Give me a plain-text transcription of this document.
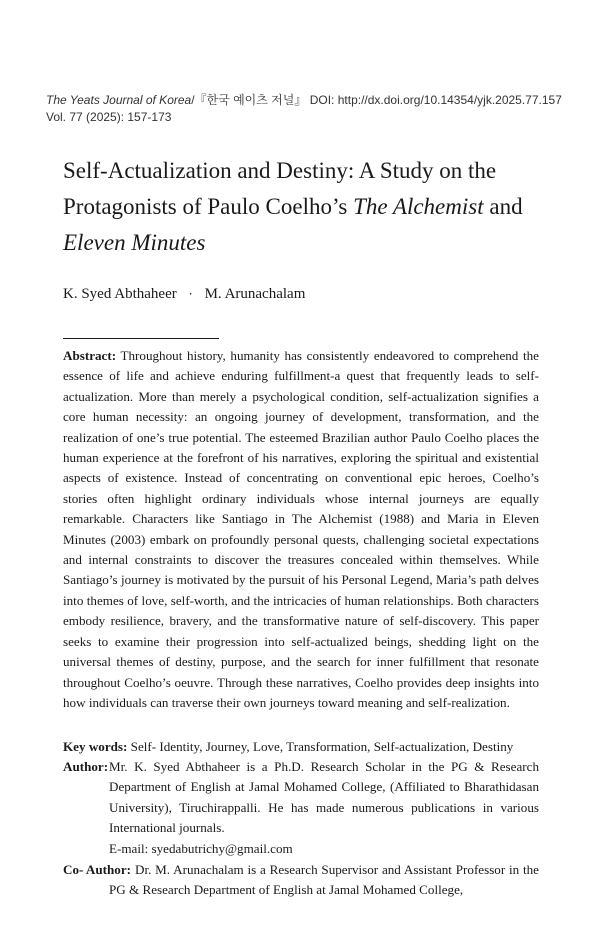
The Yeats Journal of Korea/『한국 예이츠 저널』 DOI: http://dx.doi.org/10.14354/yjk.2025.77.157
Vol. 77 (2025): 157-173
Self-Actualization and Destiny: A Study on the Protagonists of Paulo Coelho’s The Alchemist and Eleven Minutes
K. Syed Abthaheer · M. Arunachalam
Abstract: Throughout history, humanity has consistently endeavored to comprehend the essence of life and achieve enduring fulfillment-a quest that frequently leads to self-actualization. More than merely a psychological condition, self-actualization signifies a core human necessity: an ongoing journey of development, transformation, and the realization of one’s true potential. The esteemed Brazilian author Paulo Coelho places the human experience at the forefront of his narratives, exploring the spiritual and existential aspects of existence. Instead of concentrating on conventional epic heroes, Coelho’s stories often highlight ordinary individuals whose internal journeys are equally remarkable. Characters like Santiago in The Alchemist (1988) and Maria in Eleven Minutes (2003) embark on profoundly personal quests, challenging societal expectations and internal constraints to discover the treasures concealed within themselves. While Santiago’s journey is motivated by the pursuit of his Personal Legend, Maria’s path delves into themes of love, self-worth, and the intricacies of human relationships. Both characters embody resilience, bravery, and the transformative nature of self-discovery. This paper seeks to examine their progression into self-actualized beings, shedding light on the universal themes of destiny, purpose, and the search for inner fulfillment that resonate throughout Coelho’s oeuvre. Through these narratives, Coelho provides deep insights into how individuals can traverse their own journeys toward meaning and self-realization.
Key words: Self- Identity, Journey, Love, Transformation, Self-actualization, Destiny
Author: Mr. K. Syed Abthaheer is a Ph.D. Research Scholar in the PG & Research Department of English at Jamal Mohamed College, (Affiliated to Bharathidasan University), Tiruchirappalli. He has made numerous publications in various International journals.
E-mail: syedabutrichy@gmail.com
Co- Author: Dr. M. Arunachalam is a Research Supervisor and Assistant Professor in the PG & Research Department of English at Jamal Mohamed College,
